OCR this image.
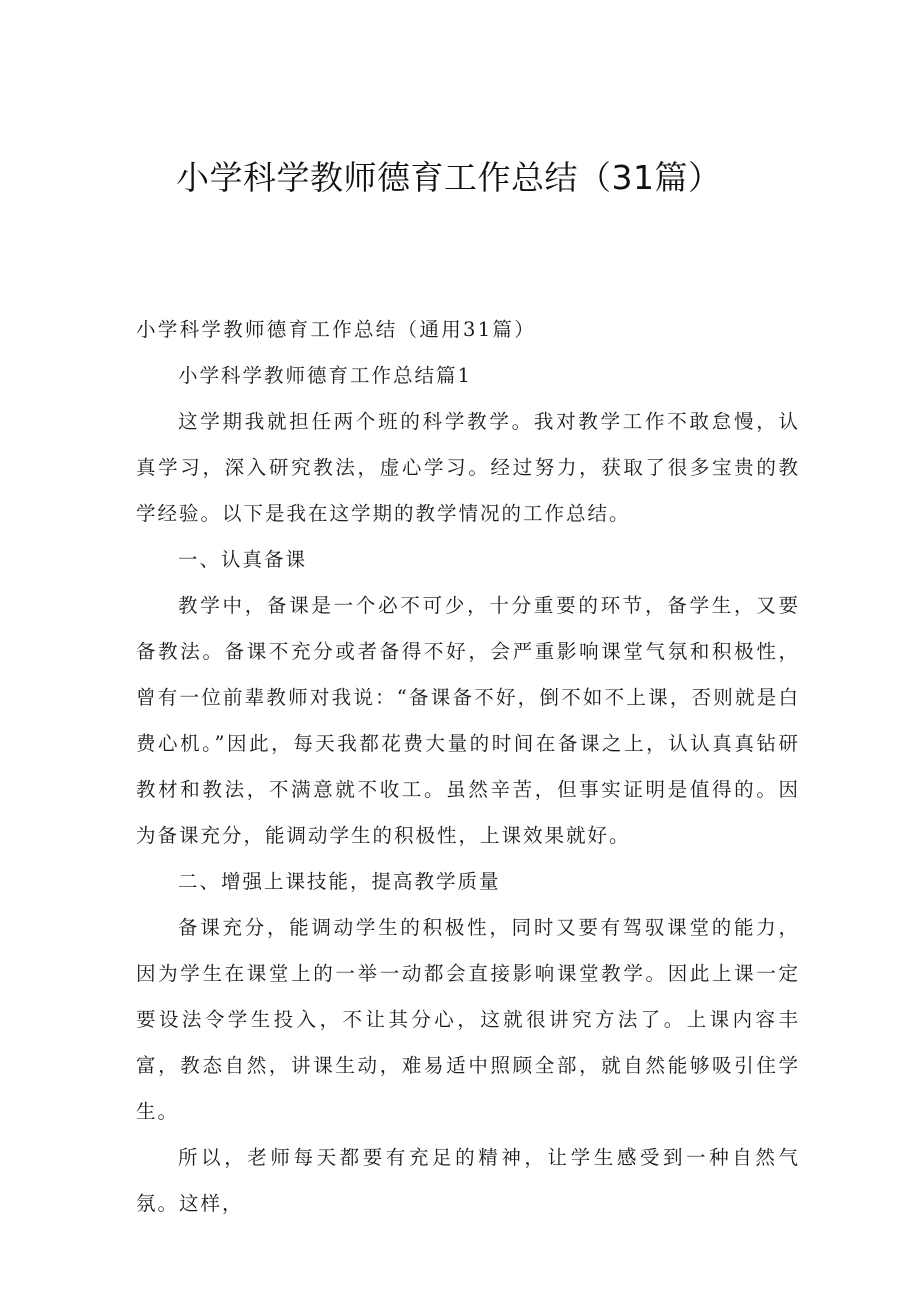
小学科学教师德育工作总结（31篇）

小学科学教师德育工作总结（通用31篇）

小学科学教师德育工作总结篇1

这学期我就担任两个班的科学教学。我对教学工作不敢怠慢，认真学习，深入研究教法，虚心学习。经过努力，获取了很多宝贵的教学经验。以下是我在这学期的教学情况的工作总结。

一、认真备课

教学中，备课是一个必不可少，十分重要的环节，备学生，又要备教法。备课不充分或者备得不好，会严重影响课堂气氛和积极性，曾有一位前辈教师对我说：“备课备不好，倒不如不上课，否则就是白费心机。”因此，每天我都花费大量的时间在备课之上，认认真真钻研教材和教法，不满意就不收工。虽然辛苦，但事实证明是值得的。因为备课充分，能调动学生的积极性，上课效果就好。

二、增强上课技能，提高教学质量

备课充分，能调动学生的积极性，同时又要有驾驭课堂的能力，因为学生在课堂上的一举一动都会直接影响课堂教学。因此上课一定要设法令学生投入，不让其分心，这就很讲究方法了。上课内容丰富，教态自然，讲课生动，难易适中照顾全部，就自然能够吸引住学生。

所以，老师每天都要有充足的精神，让学生感受到一种自然气氛。这样，
